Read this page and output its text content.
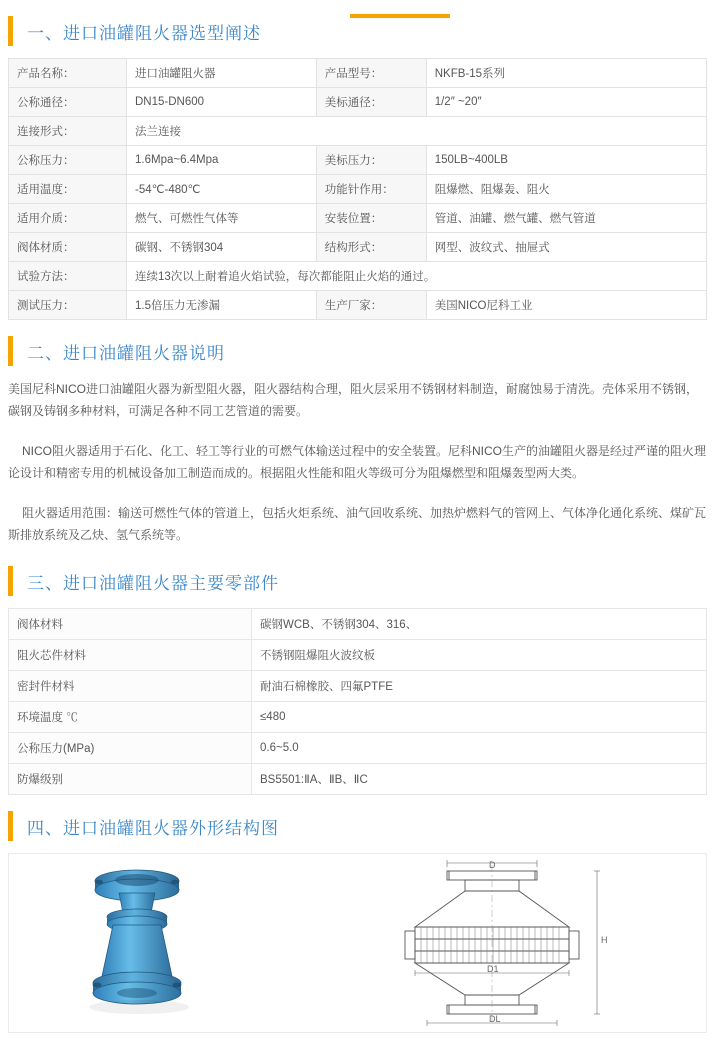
一、进口油罐阻火器选型阐述
产品名称：	进口油罐阻火器	产品型号：	NKFB-15系列
公称通径：	DN15-DN600	美标通径：	1/2″ ~20″
连接形式：	法兰连接		
公称压力：	1.6Mpa~6.4Mpa	美标压力：	150LB~400LB
适用温度：	-54℃-480℃	功能针作用：	阻爆燃、阻爆轰、阻火
适用介质：	燃气、可燃性气体等	安装位置：	管道、油罐、燃气罐、燃气管道
阀体材质：	碳钢、不锈钢304	结构形式：	网型、波纹式、抽屉式
试验方法：	连续13次以上耐着追火焰试验，每次都能阻止火焰的通过。		
测试压力：	1.5倍压力无渗漏	生产厂家：	美国NICO尼科工业
二、进口油罐阻火器说明

美国尼科NICO进口油罐阻火器为新型阻火器，阻火器结构合理，阻火层采用不锈钢材料制造，耐腐蚀易于清洗。壳体采用不锈钢，碳钢及铸钢多种材料，可满足各种不同工艺管道的需要。

NICO阻火器适用于石化、化工、轻工等行业的可燃气体输送过程中的安全装置。尼科NICO生产的油罐阻火器是经过严谨的阻火理论设计和精密专用的机械设备加工制造而成的。根据阻火性能和阻火等级可分为阻爆燃型和阻爆轰型两大类。

阻火器适用范围：输送可燃性气体的管道上，包括火炬系统、油气回收系统、加热炉燃料气的管网上、气体净化通化系统、煤矿瓦斯排放系统及乙炔、氢气系统等。

三、进口油罐阻火器主要零部件
阀体材料	碳钢WCB、不锈钢304、316、
阻火芯件材料	不锈钢阻爆阻火波纹板
密封件材料	耐油石棉橡胶、四氟PTFE
环境温度 ℃	≤480
公称压力(MPa)	0.6~5.0
防爆级别	BS5501:ⅡA、ⅡB、ⅡC
四、进口油罐阻火器外形结构图
D
D1
DL
H
